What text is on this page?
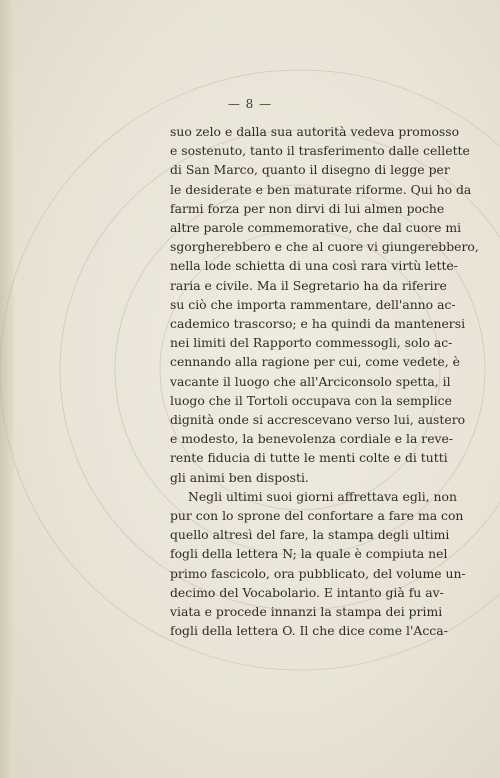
— 8 —
suo zelo e dalla sua autorità vedeva promosso
e sostenuto, tanto il trasferimento dalle cellette
di San Marco, quanto il disegno di legge per
le desiderate e ben maturate riforme. Qui ho da
farmi forza per non dirvi di lui almen poche
altre parole commemorative, che dal cuore mi
sgorgherebbero e che al cuore vi giungerebbero,
nella lode schietta di una così rara virtù lette-
raria e civile. Ma il Segretario ha da riferire
su ciò che importa rammentare, dell'anno ac-
cademico trascorso; e ha quindi da mantenersi
nei limiti del Rapporto commessogli, solo ac-
cennando alla ragione per cui, come vedete, è
vacante il luogo che all'Arciconsolo spetta, il
luogo che il Tortoli occupava con la semplice
dignità onde si accrescevano verso lui, austero
e modesto, la benevolenza cordiale e la reve-
rente fiducia di tutte le menti colte e di tutti
gli animi ben disposti.
Negli ultimi suoi giorni affrettava egli, non
pur con lo sprone del confortare a fare ma con
quello altresì del fare, la stampa degli ultimi
fogli della lettera N; la quale è compiuta nel
primo fascicolo, ora pubblicato, del volume un-
decimo del Vocabolario. E intanto già fu av-
viata e procede innanzi la stampa dei primi
fogli della lettera O. Il che dice come l'Acca-
